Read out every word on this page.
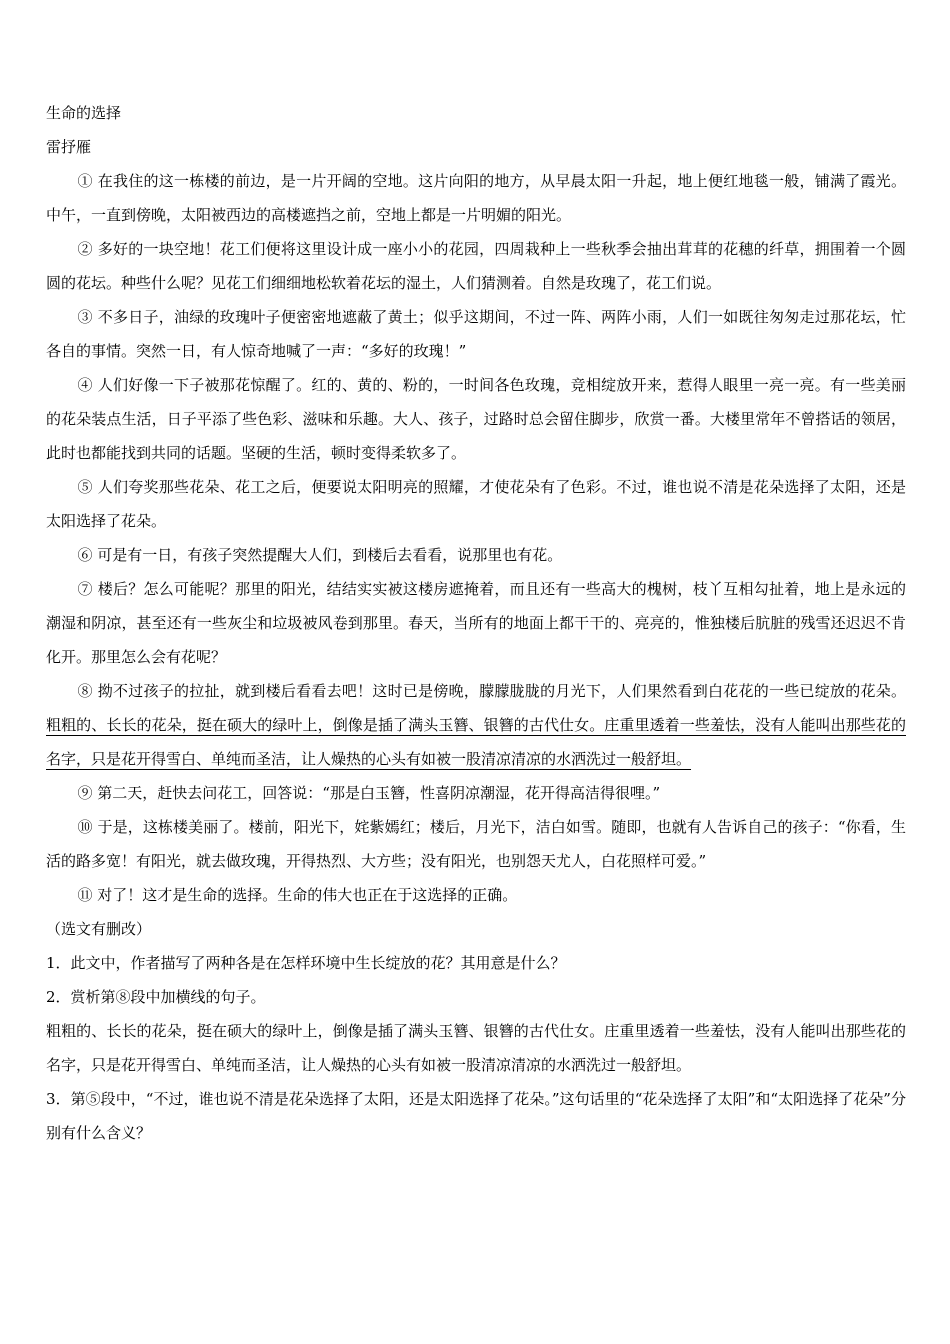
生命的选择

雷抒雁

① 在我住的这一栋楼的前边，是一片开阔的空地。这片向阳的地方，从早晨太阳一升起，地上便红地毯一般，铺满了霞光。中午，一直到傍晚，太阳被西边的高楼遮挡之前，空地上都是一片明媚的阳光。

② 多好的一块空地！花工们便将这里设计成一座小小的花园，四周栽种上一些秋季会抽出茸茸的花穗的纤草，拥围着一个圆圆的花坛。种些什么呢？见花工们细细地松软着花坛的湿土，人们猜测着。自然是玫瑰了，花工们说。

③ 不多日子，油绿的玫瑰叶子便密密地遮蔽了黄土；似乎这期间，不过一阵、两阵小雨，人们一如既往匆匆走过那花坛，忙各自的事情。突然一日，有人惊奇地喊了一声：“多好的玫瑰！”

④ 人们好像一下子被那花惊醒了。红的、黄的、粉的，一时间各色玫瑰，竞相绽放开来，惹得人眼里一亮一亮。有一些美丽的花朵装点生活，日子平添了些色彩、滋味和乐趣。大人、孩子，过路时总会留住脚步，欣赏一番。大楼里常年不曾搭话的领居，此时也都能找到共同的话题。坚硬的生活，顿时变得柔软多了。

⑤ 人们夸奖那些花朵、花工之后，便要说太阳明亮的照耀，才使花朵有了色彩。不过，谁也说不清是花朵选择了太阳，还是太阳选择了花朵。

⑥ 可是有一日，有孩子突然提醒大人们，到楼后去看看，说那里也有花。

⑦ 楼后？怎么可能呢？那里的阳光，结结实实被这楼房遮掩着，而且还有一些高大的槐树，枝丫互相勾扯着，地上是永远的潮湿和阴凉，甚至还有一些灰尘和垃圾被风卷到那里。春天，当所有的地面上都干干的、亮亮的，惟独楼后肮脏的残雪还迟迟不肯化开。那里怎么会有花呢？

⑧ 拗不过孩子的拉扯，就到楼后看看去吧！这时已是傍晚，朦朦胧胧的月光下，人们果然看到白花花的一些已绽放的花朵。粗粗的、长长的花朵，挺在硕大的绿叶上，倒像是插了满头玉簪、银簪的古代仕女。庄重里透着一些羞怯，没有人能叫出那些花的名字，只是花开得雪白、单纯而圣洁，让人燥热的心头有如被一股清凉清凉的水洒洗过一般舒坦。

⑨ 第二天，赶快去问花工，回答说：“那是白玉簪，性喜阴凉潮湿，花开得高洁得很哩。”

⑩ 于是，这栋楼美丽了。楼前，阳光下，姹紫嫣红；楼后，月光下，洁白如雪。随即，也就有人告诉自己的孩子：“你看，生活的路多宽！有阳光，就去做玫瑰，开得热烈、大方些；没有阳光，也别怨天尤人，白花照样可爱。”

⑪ 对了！这才是生命的选择。生命的伟大也正在于这选择的正确。

（选文有删改）

1．此文中，作者描写了两种各是在怎样环境中生长绽放的花？其用意是什么？

2．赏析第⑧段中加横线的句子。

粗粗的、长长的花朵，挺在硕大的绿叶上，倒像是插了满头玉簪、银簪的古代仕女。庄重里透着一些羞怯，没有人能叫出那些花的名字，只是花开得雪白、单纯而圣洁，让人燥热的心头有如被一股清凉清凉的水洒洗过一般舒坦。

3．第⑤段中，“不过，谁也说不清是花朵选择了太阳，还是太阳选择了花朵。”这句话里的“花朵选择了太阳”和“太阳选择了花朵”分别有什么含义？
